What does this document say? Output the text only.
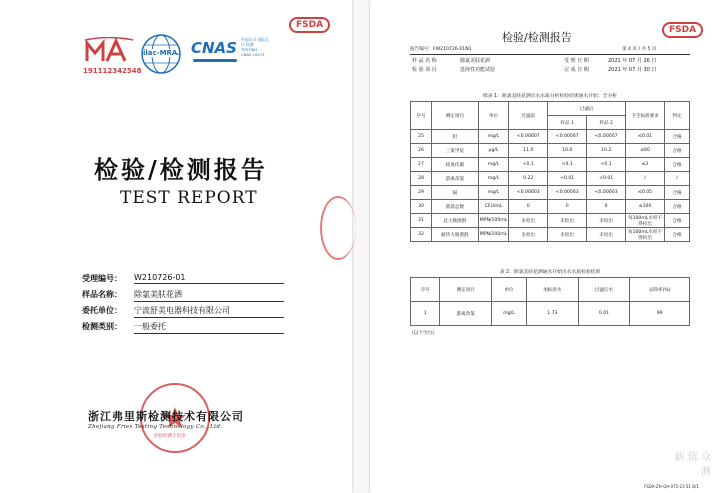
FSDA
191112342548
ilac-MRA CNAS 中国认可 国际互认 检测 TESTING CNAS L0475
检验/检测报告
TEST REPORT
受理编号： W210726-01
样品名称： 除氯美肤花洒
委托单位： 宁波舒美电器科技有限公司
检测类别： 一般委托
检验检测专用章
浙江弗里斯检测技术有限公司
Zhejiang Fries Testing Technology Co., Ltd.
FSDA
检验/检测报告
报告编号：FW210726-01N1	第 4 页 / 共 5 页
样 品 名 称	除氯美肤花洒	受 理 日 期	2021 年 07 月 26 日
检 验 项 目	选择性功能试验	完 成 日 期	2021 年 07 月 30 日
续表 1：除氯美肤花洒出水水质分析检验结果通水开始：全分析
序号	测定项目	单位	过滤前	过滤后		卫生标准要求	判定
				样品 1	样品 2		
25	铅	mg/L	<0.00007	<0.00007	<0.00007	≤0.01	合格
26	三氯甲烷	μg/L	11.0	10.0	10.2	≤60	合格
27	耗氧化碳	mg/L	<0.1	<0.1	<0.1	≤2	合格
28	游离余氯	mg/L	0.22	<0.01	<0.01	/	/
29	镉	mg/L	<0.00003	<0.00003	<0.00003	≤0.05	合格
30	菌落总数	CFU/mL	0	0	0	≤100	合格
31	总大肠菌群	MPN/100mL	未检出	未检出	未检出	每100mL水样不得检出	合格
32	耐热大肠菌群	MPN/100mL	未检出	未检出	未检出	每100mL水样不得检出	合格
表 2：除氯美肤花洒通水开始出水水质检验结果
序号	测定项目	单位	加标原水	过滤后水	去除率(%)
1	游离余氯	mg/L	1.73	0.01	99
(以下空白)
新 值 众 测
FSDA-ZH-QA-075-23 S1 B/1
